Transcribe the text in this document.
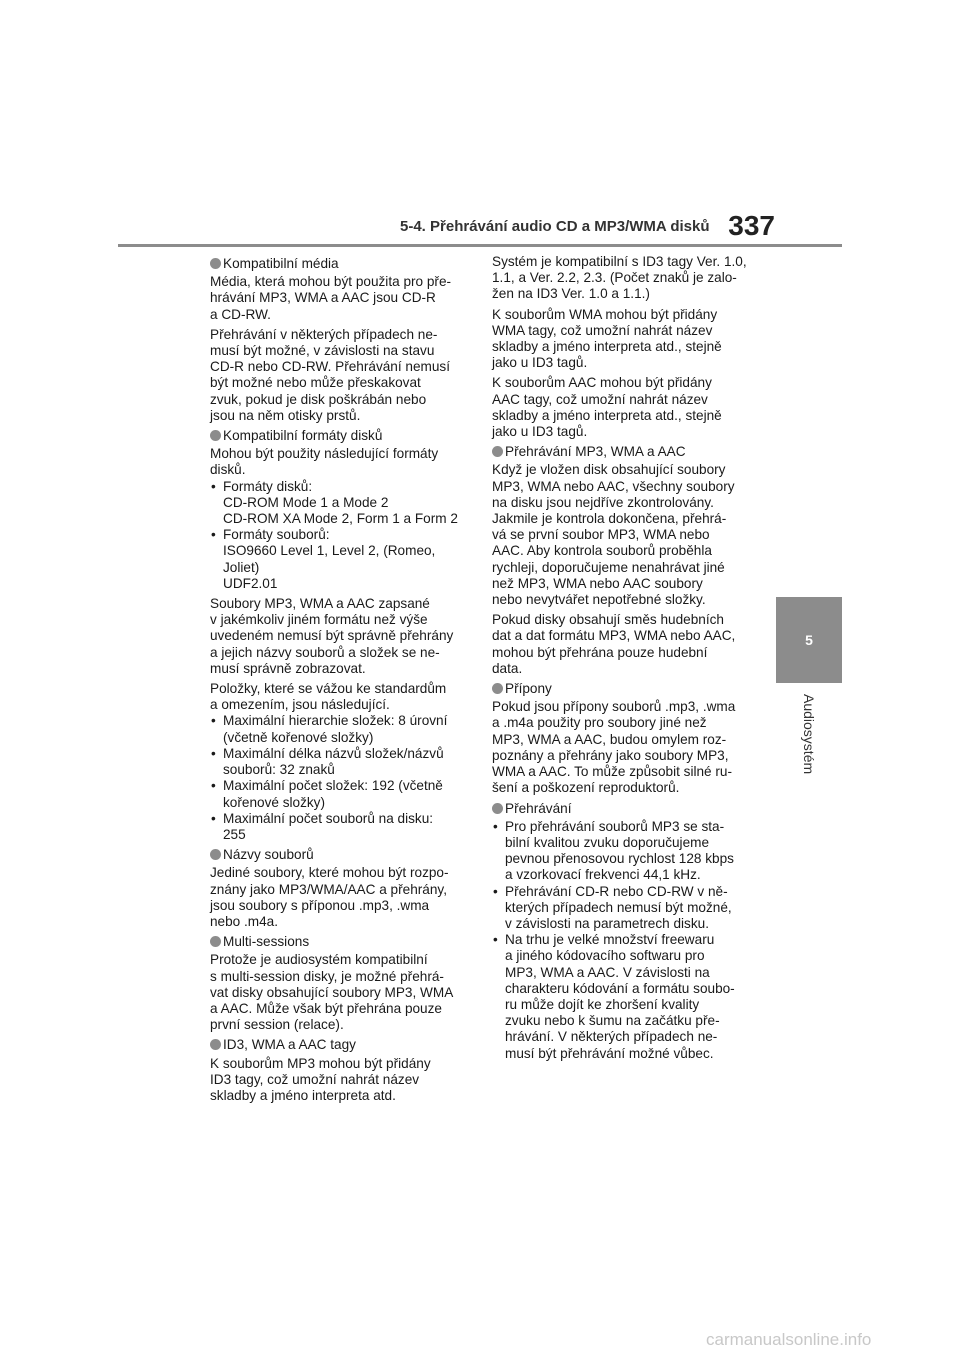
5-4. Přehrávání audio CD a MP3/WMA disků 337
5
Audiosystém
Kompatibilní média
Média, která mohou být použita pro pře-
hrávání MP3, WMA a AAC jsou CD-R
a CD-RW.
Přehrávání v některých případech ne-
musí být možné, v závislosti na stavu
CD-R nebo CD-RW. Přehrávání nemusí
být možné nebo může přeskakovat
zvuk, pokud je disk poškrábán nebo
jsou na něm otisky prstů.
Kompatibilní formáty disků
Mohou být použity následující formáty
disků.
• Formáty disků:
CD-ROM Mode 1 a Mode 2
CD-ROM XA Mode 2, Form 1 a Form 2
• Formáty souborů:
ISO9660 Level 1, Level 2, (Romeo,
Joliet)
UDF2.01
Soubory MP3, WMA a AAC zapsané
v jakémkoliv jiném formátu než výše
uvedeném nemusí být správně přehrány
a jejich názvy souborů a složek se ne-
musí správně zobrazovat.
Položky, které se vážou ke standardům
a omezením, jsou následující.
• Maximální hierarchie složek: 8 úrovní
(včetně kořenové složky)
• Maximální délka názvů složek/názvů
souborů: 32 znaků
• Maximální počet složek: 192 (včetně
kořenové složky)
• Maximální počet souborů na disku:
255
Názvy souborů
Jediné soubory, které mohou být rozpo-
znány jako MP3/WMA/AAC a přehrány,
jsou soubory s příponou .mp3, .wma
nebo .m4a.
Multi-sessions
Protože je audiosystém kompatibilní
s multi-session disky, je možné přehrá-
vat disky obsahující soubory MP3, WMA
a AAC. Může však být přehrána pouze
první session (relace).
ID3, WMA a AAC tagy
K souborům MP3 mohou být přidány
ID3 tagy, což umožní nahrát název
skladby a jméno interpreta atd.
Systém je kompatibilní s ID3 tagy Ver. 1.0,
1.1, a Ver. 2.2, 2.3. (Počet znaků je zalo-
žen na ID3 Ver. 1.0 a 1.1.)
K souborům WMA mohou být přidány
WMA tagy, což umožní nahrát název
skladby a jméno interpreta atd., stejně
jako u ID3 tagů.
K souborům AAC mohou být přidány
AAC tagy, což umožní nahrát název
skladby a jméno interpreta atd., stejně
jako u ID3 tagů.
Přehrávání MP3, WMA a AAC
Když je vložen disk obsahující soubory
MP3, WMA nebo AAC, všechny soubory
na disku jsou nejdříve zkontrolovány.
Jakmile je kontrola dokončena, přehrá-
vá se první soubor MP3, WMA nebo
AAC. Aby kontrola souborů proběhla
rychleji, doporučujeme nenahrávat jiné
než MP3, WMA nebo AAC soubory
nebo nevytvářet nepotřebné složky.
Pokud disky obsahují směs hudebních
dat a dat formátu MP3, WMA nebo AAC,
mohou být přehrána pouze hudební
data.
Přípony
Pokud jsou přípony souborů .mp3, .wma
a .m4a použity pro soubory jiné než
MP3, WMA a AAC, budou omylem roz-
poznány a přehrány jako soubory MP3,
WMA a AAC. To může způsobit silné ru-
šení a poškození reproduktorů.
Přehrávání
• Pro přehrávání souborů MP3 se sta-
bilní kvalitou zvuku doporučujeme
pevnou přenosovou rychlost 128 kbps
a vzorkovací frekvenci 44,1 kHz.
• Přehrávání CD-R nebo CD-RW v ně-
kterých případech nemusí být možné,
v závislosti na parametrech disku.
• Na trhu je velké množství freewaru
a jiného kódovacího softwaru pro
MP3, WMA a AAC. V závislosti na
charakteru kódování a formátu soubo-
ru může dojít ke zhoršení kvality
zvuku nebo k šumu na začátku pře-
hrávání. V některých případech ne-
musí být přehrávání možné vůbec.
carmanualsonline.info
